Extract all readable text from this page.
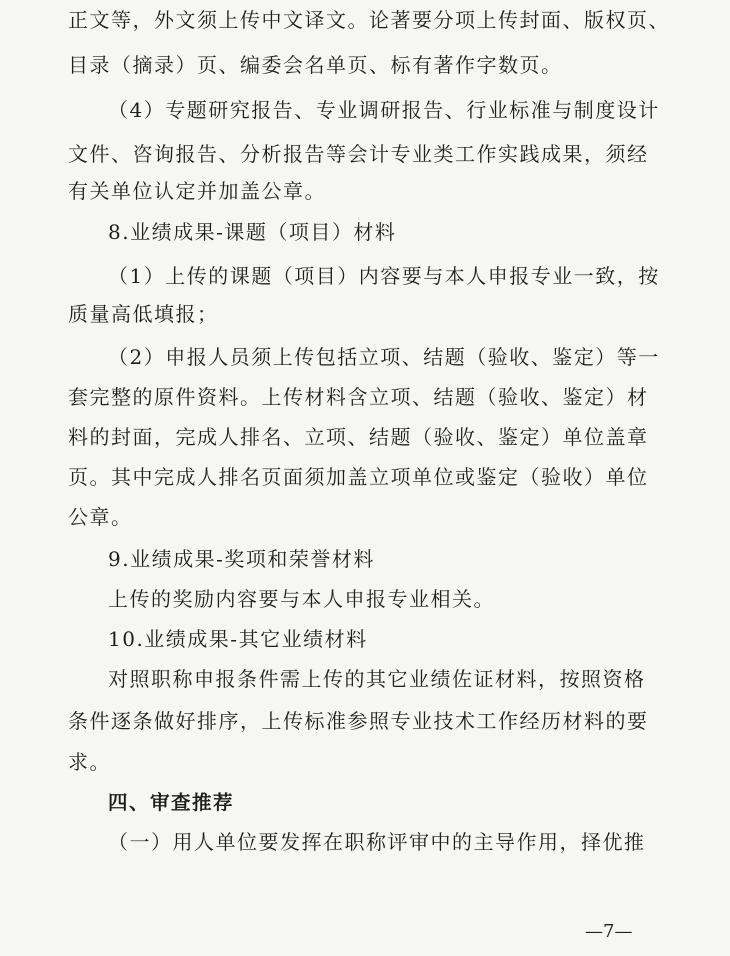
正文等，外文须上传中文译文。论著要分项上传封面、版权页、
目录（摘录）页、编委会名单页、标有著作字数页。
（4）专题研究报告、专业调研报告、行业标准与制度设计
文件、咨询报告、分析报告等会计专业类工作实践成果，须经
有关单位认定并加盖公章。
8.业绩成果-课题（项目）材料
（1）上传的课题（项目）内容要与本人申报专业一致，按
质量高低填报；
（2）申报人员须上传包括立项、结题（验收、鉴定）等一
套完整的原件资料。上传材料含立项、结题（验收、鉴定）材
料的封面，完成人排名、立项、结题（验收、鉴定）单位盖章
页。其中完成人排名页面须加盖立项单位或鉴定（验收）单位
公章。
9.业绩成果-奖项和荣誉材料
上传的奖励内容要与本人申报专业相关。
10.业绩成果-其它业绩材料
对照职称申报条件需上传的其它业绩佐证材料，按照资格
条件逐条做好排序，上传标准参照专业技术工作经历材料的要
求。
四、审查推荐
（一）用人单位要发挥在职称评审中的主导作用，择优推
—7—
